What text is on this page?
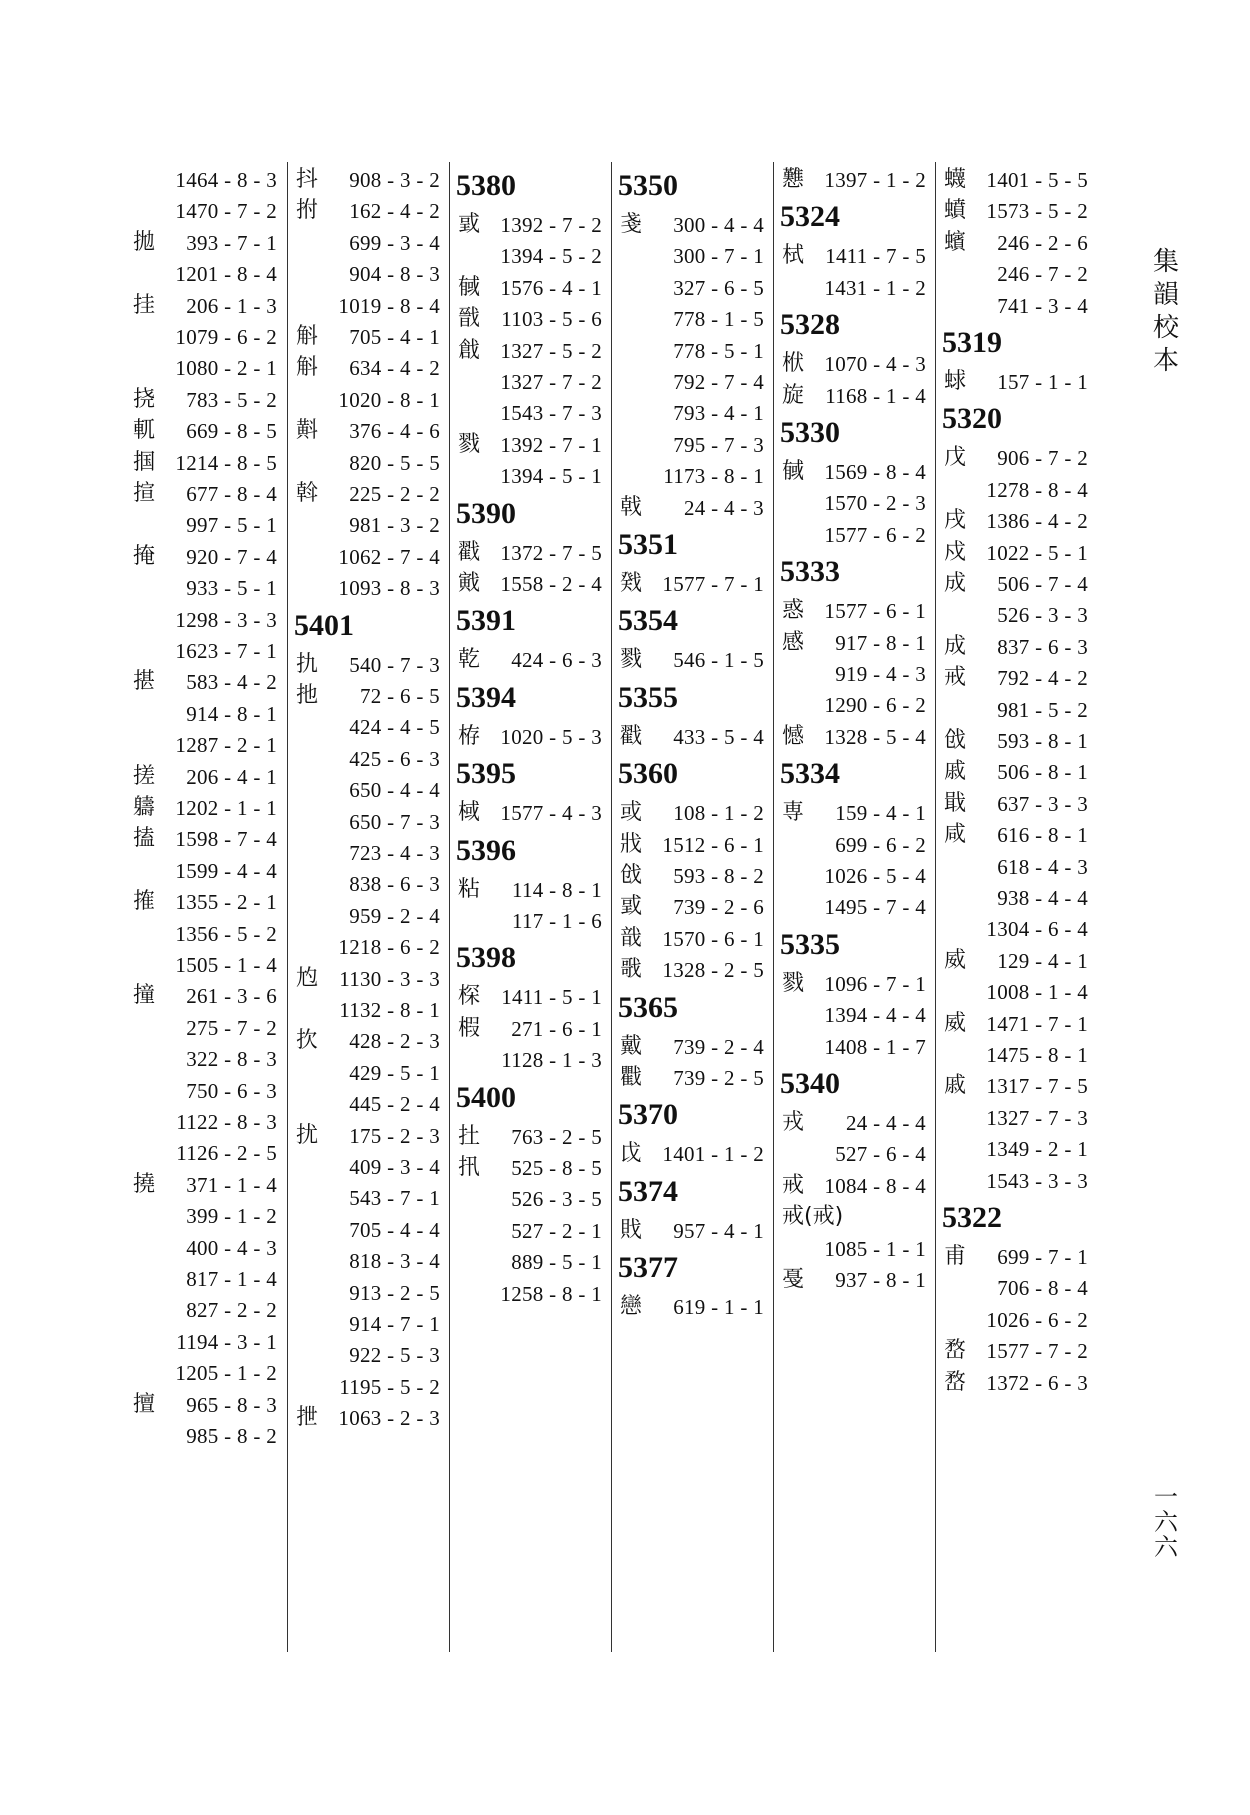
1464 - 8 - 3
1470 - 7 - 2
拋 393 - 7 - 1
1201 - 8 - 4
挂 206 - 1 - 3
1079 - 6 - 2
1080 - 2 - 1
挠 783 - 5 - 2
軏 669 - 8 - 5
掴 1214 - 8 - 5
揎 677 - 8 - 4
997 - 5 - 1
掩 920 - 7 - 4
933 - 5 - 1
1298 - 3 - 3
1623 - 7 - 1
揕 583 - 4 - 2
914 - 8 - 1
1287 - 2 - 1
搓 206 - 4 - 1
軇 1202 - 1 - 1
搕 1598 - 7 - 4
1599 - 4 - 4
搉 1355 - 2 - 1
1356 - 5 - 2
1505 - 1 - 4
撞 261 - 3 - 6
275 - 7 - 2
322 - 8 - 3
750 - 6 - 3
1122 - 8 - 3
1126 - 2 - 5
撓 371 - 1 - 4
399 - 1 - 2
400 - 4 - 3
817 - 1 - 4
827 - 2 - 2
1194 - 3 - 1
1205 - 1 - 2
擅 965 - 8 - 3
985 - 8 - 2
抖 908 - 3 - 2
拊 162 - 4 - 2
699 - 3 - 4
904 - 8 - 3
1019 - 8 - 4
斛 705 - 4 - 1
斛 634 - 4 - 2
1020 - 8 - 1
斢 376 - 4 - 6
820 - 5 - 5
斡 225 - 2 - 2
981 - 3 - 2
1062 - 7 - 4
1093 - 8 - 3
5401
扏 540 - 7 - 3
扡 72 - 6 - 5
424 - 4 - 5
425 - 6 - 3
650 - 4 - 4
650 - 7 - 3
723 - 4 - 3
838 - 6 - 3
959 - 2 - 4
1218 - 6 - 2
尥 1130 - 3 - 3
1132 - 8 - 1
扻 428 - 2 - 3
429 - 5 - 1
445 - 2 - 4
扰 175 - 2 - 3
409 - 3 - 4
543 - 7 - 1
705 - 4 - 4
818 - 3 - 4
913 - 2 - 5
914 - 7 - 1
922 - 5 - 3
1195 - 5 - 2
抴 1063 - 2 - 3
5380
戜 1392 - 7 - 2
1394 - 5 - 2
戫 1576 - 4 - 1
戩 1103 - 5 - 6
戧 1327 - 5 - 2
1327 - 7 - 2
1543 - 7 - 3
戮 1392 - 7 - 1
1394 - 5 - 1
5390
戳 1372 - 7 - 5
戭 1558 - 2 - 4
5391
乾 424 - 6 - 3
5394
栫 1020 - 5 - 3
5395
棫 1577 - 4 - 3
5396
粘 114 - 8 - 1
117 - 1 - 6
5398
棎 1411 - 5 - 1
椵 271 - 6 - 1
1128 - 1 - 3
5400
扗 763 - 2 - 5
扟 525 - 8 - 5
526 - 3 - 5
527 - 2 - 1
889 - 5 - 1
1258 - 8 - 1
5350
戔 300 - 4 - 4
300 - 7 - 1
327 - 6 - 5
778 - 1 - 5
778 - 5 - 1
792 - 7 - 4
793 - 4 - 1
795 - 7 - 3
1173 - 8 - 1
戟 24 - 4 - 3
5351
戣 1577 - 7 - 1
5354
戮 546 - 1 - 5
5355
戳 433 - 5 - 4
5360
或 108 - 1 - 2
戕 1512 - 6 - 1
戗 593 - 8 - 2
戜 739 - 2 - 6
戠 1570 - 6 - 1
戨 1328 - 2 - 5
5365
戴 739 - 2 - 4
戵 739 - 2 - 5
5370
戉 1401 - 1 - 2
5374
戝 957 - 4 - 1
5377
戀 619 - 1 - 1
戁 1397 - 1 - 2
5324
栻 1411 - 7 - 5
1431 - 1 - 2
5328
栿 1070 - 4 - 3
旋 1168 - 1 - 4
5330
戫 1569 - 8 - 4
1570 - 2 - 3
1577 - 6 - 2
5333
惑 1577 - 6 - 1
感 917 - 8 - 1
919 - 4 - 3
1290 - 6 - 2
憾 1328 - 5 - 4
5334
専 159 - 4 - 1
699 - 6 - 2
1026 - 5 - 4
1495 - 7 - 4
5335
戮 1096 - 7 - 1
1394 - 4 - 4
1408 - 1 - 7
5340
戎 24 - 4 - 4
527 - 6 - 4
戒 1084 - 8 - 4
戒(戒)
1085 - 1 - 1
戞 937 - 8 - 1
蠛 1401 - 5 - 5
蟦 1573 - 5 - 2
蠙 246 - 2 - 6
246 - 7 - 2
741 - 3 - 4
5319
蛷 157 - 1 - 1
5320
戊 906 - 7 - 2
1278 - 8 - 4
戌 1386 - 4 - 2
戍 1022 - 5 - 1
成 506 - 7 - 4
526 - 3 - 3
成 837 - 6 - 3
戒 792 - 4 - 2
981 - 5 - 2
戗 593 - 8 - 1
戚 506 - 8 - 1
戢 637 - 3 - 3
咸 616 - 8 - 1
618 - 4 - 3
938 - 4 - 4
1304 - 6 - 4
威 129 - 4 - 1
1008 - 1 - 4
威 1471 - 7 - 1
1475 - 8 - 1
戚 1317 - 7 - 5
1327 - 7 - 3
1349 - 2 - 1
1543 - 3 - 3
5322
甫 699 - 7 - 1
706 - 8 - 4
1026 - 6 - 2
嵍 1577 - 7 - 2
嵍 1372 - 6 - 3
集韻校本
一六六
